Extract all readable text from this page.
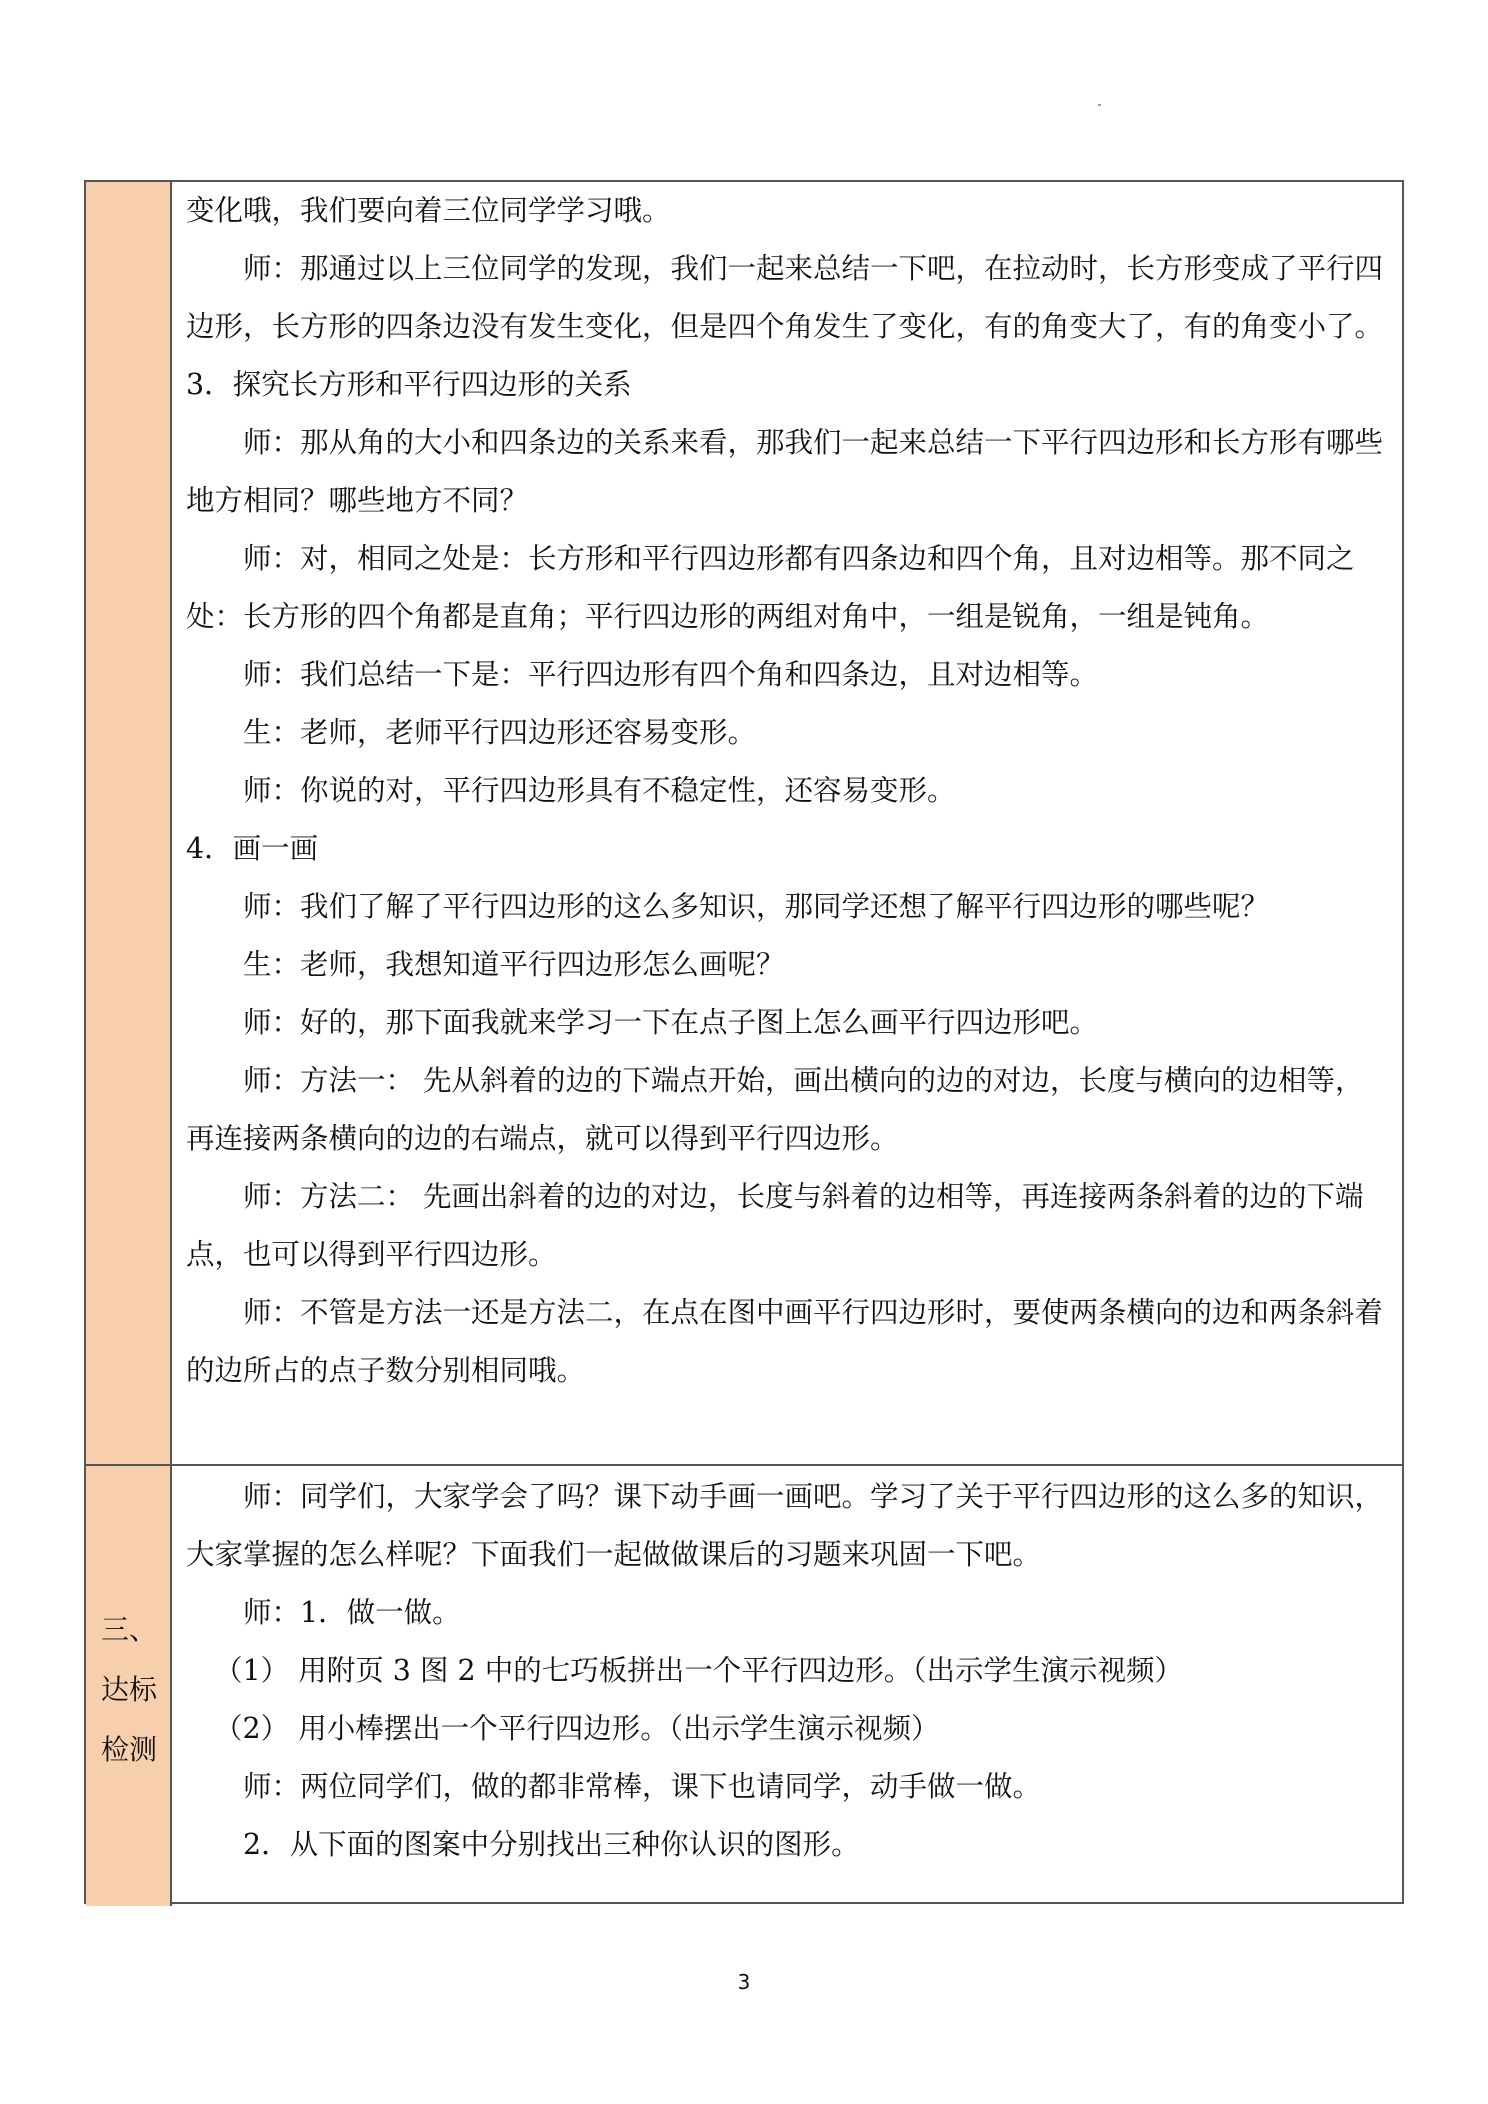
变化哦，我们要向着三位同学学习哦。

师：那通过以上三位同学的发现，我们一起来总结一下吧，在拉动时，长方形变成了平行四边形，长方形的四条边没有发生变化，但是四个角发生了变化，有的角变大了，有的角变小了。

3．探究长方形和平行四边形的关系

师：那从角的大小和四条边的关系来看，那我们一起来总结一下平行四边形和长方形有哪些地方相同？哪些地方不同？

师：对，相同之处是：长方形和平行四边形都有四条边和四个角，且对边相等。那不同之处：长方形的四个角都是直角；平行四边形的两组对角中，一组是锐角，一组是钝角。

师：我们总结一下是：平行四边形有四个角和四条边，且对边相等。

生：老师，老师平行四边形还容易变形。

师：你说的对，平行四边形具有不稳定性，还容易变形。

4．画一画

师：我们了解了平行四边形的这么多知识，那同学还想了解平行四边形的哪些呢？

生：老师，我想知道平行四边形怎么画呢？

师：好的，那下面我就来学习一下在点子图上怎么画平行四边形吧。

师：方法一： 先从斜着的边的下端点开始，画出横向的边的对边，长度与横向的边相等，再连接两条横向的边的右端点，就可以得到平行四边形。

师：方法二： 先画出斜着的边的对边，长度与斜着的边相等，再连接两条斜着的边的下端点，也可以得到平行四边形。

师：不管是方法一还是方法二，在点在图中画平行四边形时，要使两条横向的边和两条斜着的边所占的点子数分别相同哦。

三、
达标
检测

师：同学们，大家学会了吗？课下动手画一画吧。学习了关于平行四边形的这么多的知识，大家掌握的怎么样呢？下面我们一起做做课后的习题来巩固一下吧。

师：1．做一做。

（1） 用附页 3 图 2 中的七巧板拼出一个平行四边形。（出示学生演示视频）

（2） 用小棒摆出一个平行四边形。（出示学生演示视频）

师：两位同学们，做的都非常棒，课下也请同学，动手做一做。

2．从下面的图案中分别找出三种你认识的图形。

3
